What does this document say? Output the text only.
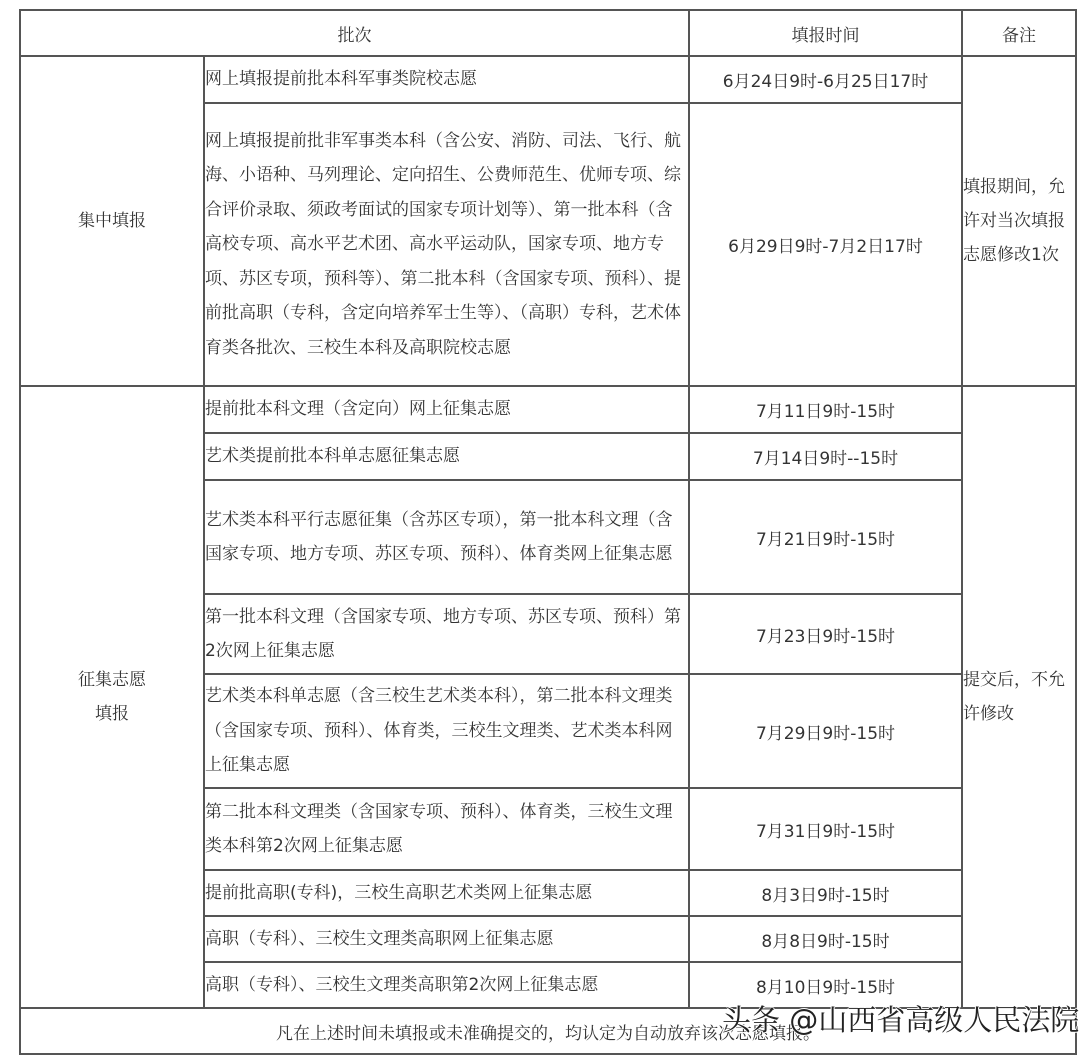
批次		填报时间	备注
集中填报	网上填报提前批本科军事类院校志愿	6月24日9时-6月25日17时	填报期间，允许对当次填报志愿修改1次
	网上填报提前批非军事类本科（含公安、消防、司法、飞行、航海、小语种、马列理论、定向招生、公费师范生、优师专项、综合评价录取、须政考面试的国家专项计划等）、第一批本科（含高校专项、高水平艺术团、高水平运动队，国家专项、地方专项、苏区专项，预科等）、第二批本科（含国家专项、预科）、提前批高职（专科，含定向培养军士生等）、（高职）专科，艺术体育类各批次、三校生本科及高职院校志愿	6月29日9时-7月2日17时	
征集志愿填报	提前批本科文理（含定向）网上征集志愿	7月11日9时-15时	提交后，不允许修改
	艺术类提前批本科单志愿征集志愿	7月14日9时--15时	
	艺术类本科平行志愿征集（含苏区专项），第一批本科文理（含国家专项、地方专项、苏区专项、预科）、体育类网上征集志愿	7月21日9时-15时	
	第一批本科文理（含国家专项、地方专项、苏区专项、预科）第2次网上征集志愿	7月23日9时-15时	
	艺术类本科单志愿（含三校生艺术类本科），第二批本科文理类（含国家专项、预科）、体育类，三校生文理类、艺术类本科网上征集志愿	7月29日9时-15时	
	第二批本科文理类（含国家专项、预科）、体育类，三校生文理类本科第2次网上征集志愿	7月31日9时-15时	
	提前批高职(专科)，三校生高职艺术类网上征集志愿	8月3日9时-15时	
	高职（专科）、三校生文理类高职网上征集志愿	8月8日9时-15时	
	高职（专科）、三校生文理类高职第2次网上征集志愿	8月10日9时-15时	
凡在上述时间未填报或未准确提交的，均认定为自动放弃该次志愿填报。			
头条 @山西省高级人民法院
